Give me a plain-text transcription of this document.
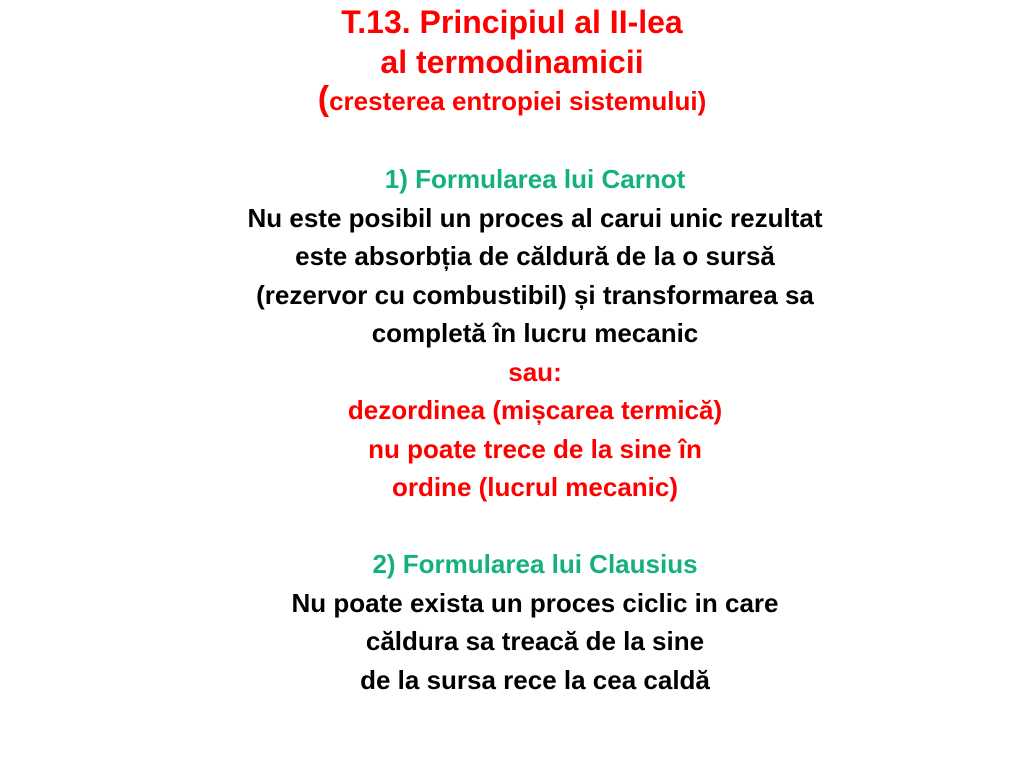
T.13. Principiul al II-lea

al termodinamicii

(cresterea entropiei sistemului)

1) Formularea lui Carnot

Nu este posibil un proces al carui unic rezultat

este absorbția de căldură de la o sursă

(rezervor cu combustibil) și transformarea sa

completă în lucru mecanic

sau:

dezordinea (mișcarea termică)

nu poate trece de la sine în

ordine (lucrul mecanic)

2) Formularea lui Clausius

Nu poate exista un proces ciclic in care

căldura sa treacă de la sine

de la sursa rece la cea caldă
